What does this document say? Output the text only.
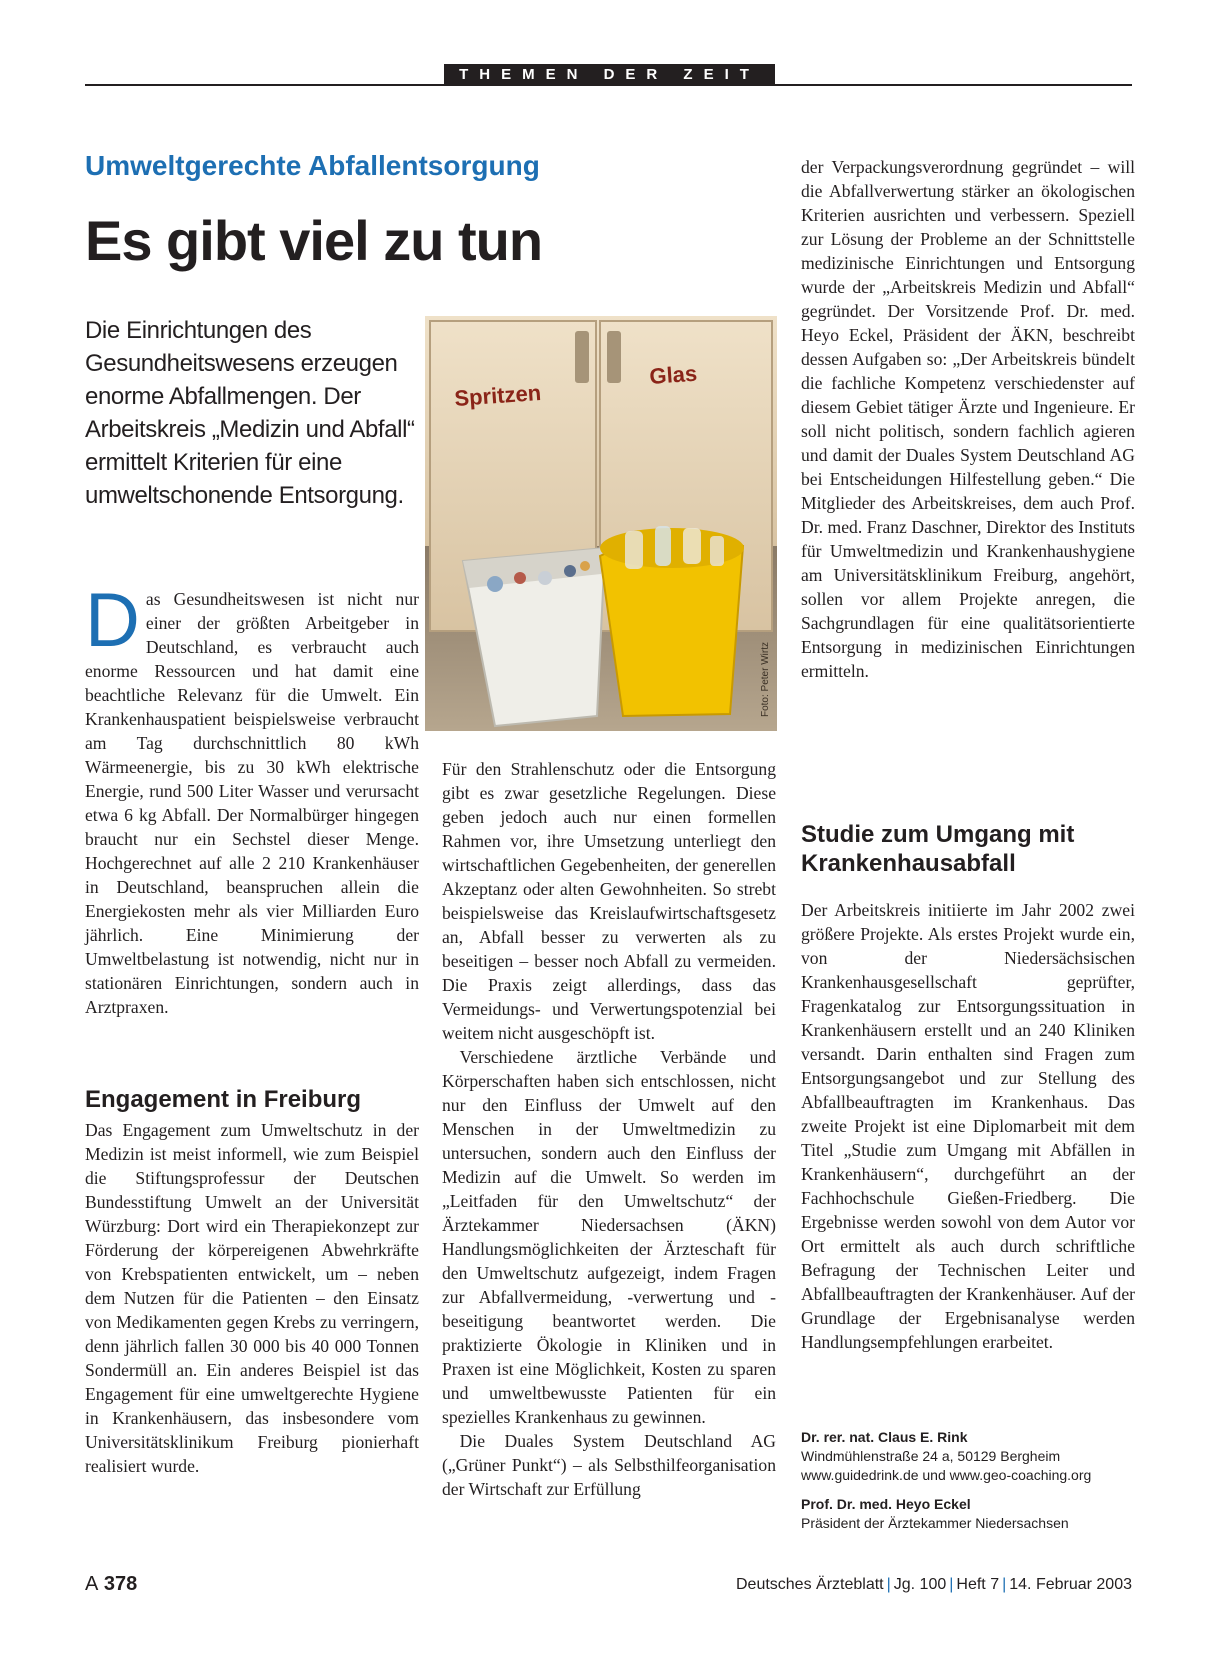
THEMEN DER ZEIT
Umweltgerechte Abfallentsorgung
Es gibt viel zu tun
Die Einrichtungen des Gesundheitswesens erzeugen enorme Abfallmengen. Der Arbeitskreis „Medizin und Abfall“ ermittelt Kriterien für eine umweltschonende Entsorgung.
Spritzen
Glas
Foto: Peter Wirtz

Das Gesundheitswesen ist nicht nur einer der größten Arbeitgeber in Deutschland, es verbraucht auch enorme Ressourcen und hat damit eine beachtliche Relevanz für die Umwelt. Ein Krankenhauspatient beispielsweise verbraucht am Tag durchschnittlich 80 kWh Wärmeenergie, bis zu 30 kWh elektrische Energie, rund 500 Liter Wasser und verursacht etwa 6 kg Abfall. Der Normalbürger hingegen braucht nur ein Sechstel dieser Menge. Hochgerechnet auf alle 2 210 Krankenhäuser in Deutschland, beanspruchen allein die Energiekosten mehr als vier Milliarden Euro jährlich. Eine Minimierung der Umweltbelastung ist notwendig, nicht nur in stationären Einrichtungen, sondern auch in Arztpraxen.

Engagement in Freiburg

Das Engagement zum Umweltschutz in der Medizin ist meist informell, wie zum Beispiel die Stiftungsprofessur der Deutschen Bundesstiftung Umwelt an der Universität Würzburg: Dort wird ein Therapiekonzept zur Förderung der körpereigenen Abwehrkräfte von Krebspatienten entwickelt, um – neben dem Nutzen für die Patienten – den Einsatz von Medikamenten gegen Krebs zu verringern, denn jährlich fallen 30 000 bis 40 000 Tonnen Sondermüll an. Ein anderes Beispiel ist das Engagement für eine umweltgerechte Hygiene in Krankenhäusern, das insbesondere vom Universitätsklinikum Freiburg pionierhaft realisiert wurde.

Für den Strahlenschutz oder die Entsorgung gibt es zwar gesetzliche Regelungen. Diese geben jedoch auch nur einen formellen Rahmen vor, ihre Umsetzung unterliegt den wirtschaftlichen Gegebenheiten, der generellen Akzeptanz oder alten Gewohnheiten. So strebt beispielsweise das Kreislaufwirtschaftsgesetz an, Abfall besser zu verwerten als zu beseitigen – besser noch Abfall zu vermeiden. Die Praxis zeigt allerdings, dass das Vermeidungs- und Verwertungspotenzial bei weitem nicht ausgeschöpft ist.

Verschiedene ärztliche Verbände und Körperschaften haben sich entschlossen, nicht nur den Einfluss der Umwelt auf den Menschen in der Umweltmedizin zu untersuchen, sondern auch den Einfluss der Medizin auf die Umwelt. So werden im „Leitfaden für den Umweltschutz“ der Ärztekammer Niedersachsen (ÄKN) Handlungsmöglichkeiten der Ärzteschaft für den Umweltschutz aufgezeigt, indem Fragen zur Abfallvermeidung, -verwertung und -beseitigung beantwortet werden. Die praktizierte Ökologie in Kliniken und in Praxen ist eine Möglichkeit, Kosten zu sparen und umweltbewusste Patienten für ein spezielles Krankenhaus zu gewinnen.

Die Duales System Deutschland AG („Grüner Punkt“) – als Selbsthilfeorganisation der Wirtschaft zur Erfüllung

der Verpackungsverordnung gegründet – will die Abfallverwertung stärker an ökologischen Kriterien ausrichten und verbessern. Speziell zur Lösung der Probleme an der Schnittstelle medizinische Einrichtungen und Entsorgung wurde der „Arbeitskreis Medizin und Abfall“ gegründet. Der Vorsitzende Prof. Dr. med. Heyo Eckel, Präsident der ÄKN, beschreibt dessen Aufgaben so: „Der Arbeitskreis bündelt die fachliche Kompetenz verschiedenster auf diesem Gebiet tätiger Ärzte und Ingenieure. Er soll nicht politisch, sondern fachlich agieren und damit der Duales System Deutschland AG bei Entscheidungen Hilfestellung geben.“ Die Mitglieder des Arbeitskreises, dem auch Prof. Dr. med. Franz Daschner, Direktor des Instituts für Umweltmedizin und Krankenhaushygiene am Universitätsklinikum Freiburg, angehört, sollen vor allem Projekte anregen, die Sachgrundlagen für eine qualitätsorientierte Entsorgung in medizinischen Einrichtungen ermitteln.

Studie zum Umgang mit Krankenhausabfall

Der Arbeitskreis initiierte im Jahr 2002 zwei größere Projekte. Als erstes Projekt wurde ein, von der Niedersächsischen Krankenhausgesellschaft geprüfter, Fragenkatalog zur Entsorgungssituation in Krankenhäusern erstellt und an 240 Kliniken versandt. Darin enthalten sind Fragen zum Entsorgungsangebot und zur Stellung des Abfallbeauftragten im Krankenhaus. Das zweite Projekt ist eine Diplomarbeit mit dem Titel „Studie zum Umgang mit Abfällen in Krankenhäusern“, durchgeführt an der Fachhochschule Gießen-Friedberg. Die Ergebnisse werden sowohl von dem Autor vor Ort ermittelt als auch durch schriftliche Befragung der Technischen Leiter und Abfallbeauftragten der Krankenhäuser. Auf der Grundlage der Ergebnisanalyse werden Handlungsempfehlungen erarbeitet.

Dr. rer. nat. Claus E. Rink
Windmühlenstraße 24 a, 50129 Bergheim
www.guidedrink.de und www.geo-coaching.org
Prof. Dr. med. Heyo Eckel
Präsident der Ärztekammer Niedersachsen
A 378	Deutsches Ärzteblatt | Jg. 100 | Heft 7 | 14. Februar 2003
